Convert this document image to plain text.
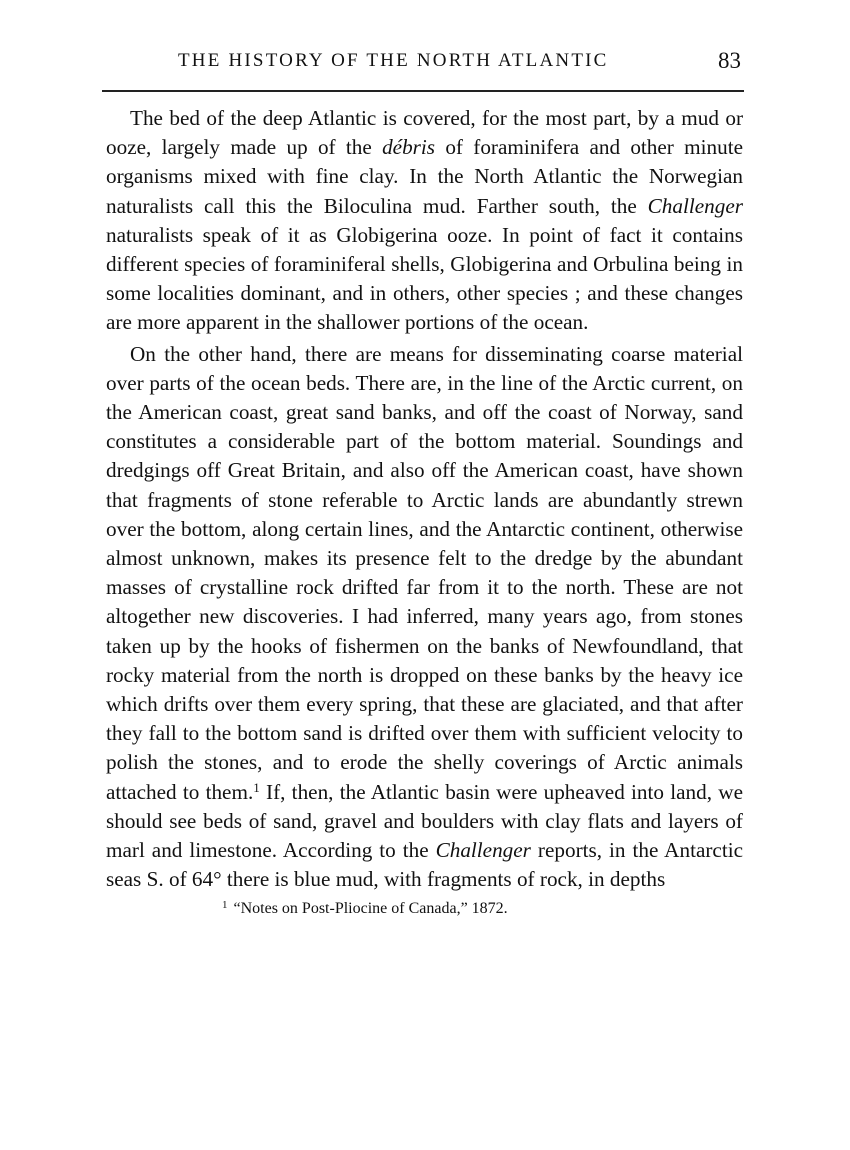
THE HISTORY OF THE NORTH ATLANTIC	83

The bed of the deep Atlantic is covered, for the most part, by a mud or ooze, largely made up of the débris of foraminifera and other minute organisms mixed with fine clay. In the North Atlantic the Norwegian naturalists call this the Biloculina mud. Farther south, the Challenger naturalists speak of it as Globigerina ooze. In point of fact it contains different species of foraminiferal shells, Globigerina and Orbulina being in some localities dominant, and in others, other species ; and these changes are more apparent in the shallower portions of the ocean.

On the other hand, there are means for disseminating coarse material over parts of the ocean beds. There are, in the line of the Arctic current, on the American coast, great sand banks, and off the coast of Norway, sand constitutes a considerable part of the bottom material. Soundings and dredgings off Great Britain, and also off the American coast, have shown that fragments of stone referable to Arctic lands are abundantly strewn over the bottom, along certain lines, and the Antarctic continent, otherwise almost unknown, makes its presence felt to the dredge by the abundant masses of crystalline rock drifted far from it to the north. These are not altogether new discoveries. I had inferred, many years ago, from stones taken up by the hooks of fishermen on the banks of Newfoundland, that rocky material from the north is dropped on these banks by the heavy ice which drifts over them every spring, that these are glaciated, and that after they fall to the bottom sand is drifted over them with sufficient velocity to polish the stones, and to erode the shelly coverings of Arctic animals attached to them.$^1$ If, then, the Atlantic basin were upheaved into land, we should see beds of sand, gravel and boulders with clay flats and layers of marl and limestone. According to the Challenger reports, in the Antarctic seas S. of 64° there is blue mud, with fragments of rock, in depths

$^1$ “Notes on Post-Pliocine of Canada,” 1872.
